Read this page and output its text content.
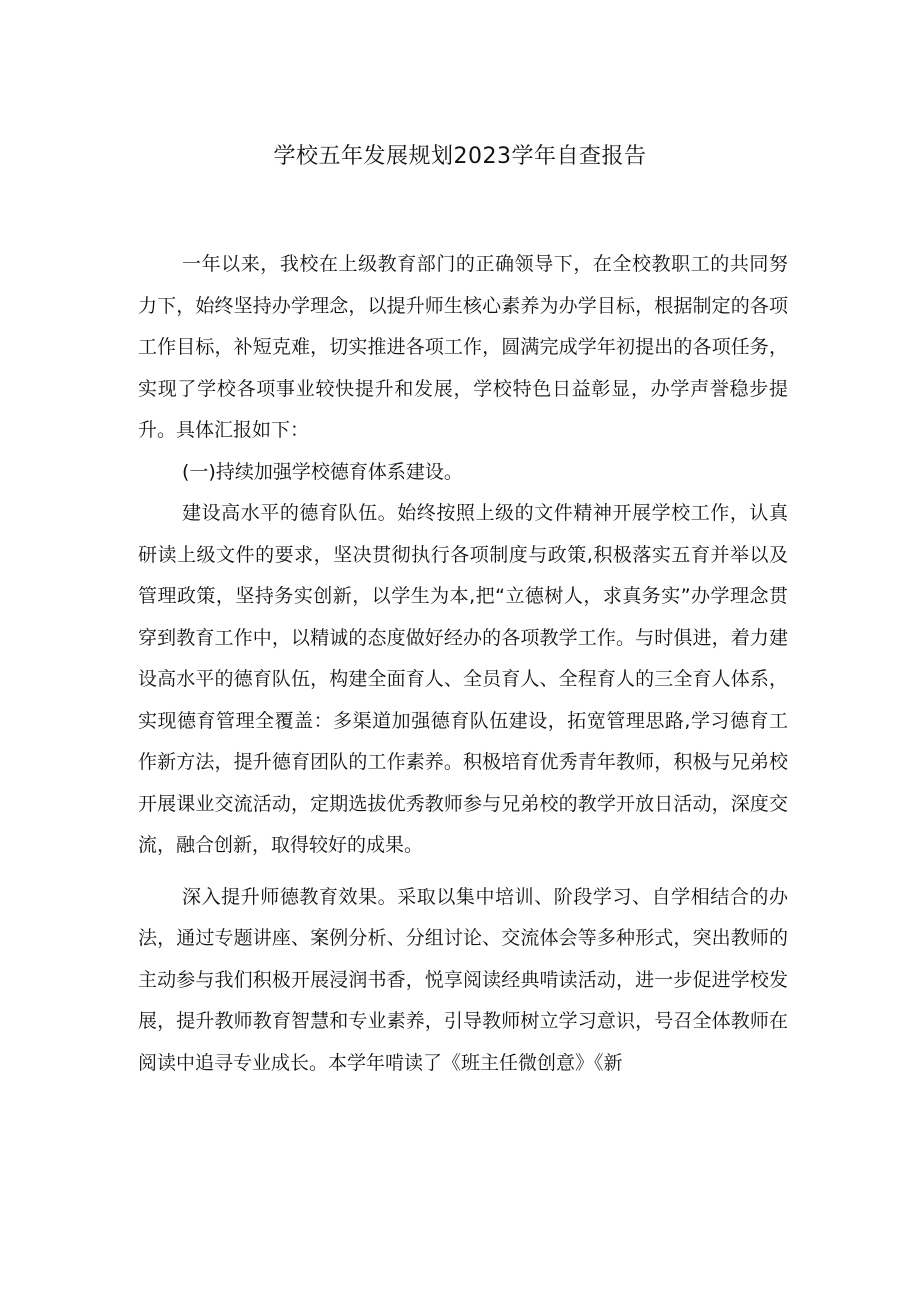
学校五年发展规划2023学年自查报告

一年以来，我校在上级教育部门的正确领导下，在全校教职工的共同努力下，始终坚持办学理念，以提升师生核心素养为办学目标，根据制定的各项工作目标，补短克难，切实推进各项工作，圆满完成学年初提出的各项任务，实现了学校各项事业较快提升和发展，学校特色日益彰显，办学声誉稳步提升。具体汇报如下：

(一)持续加强学校德育体系建设。

建设高水平的德育队伍。始终按照上级的文件精神开展学校工作，认真研读上级文件的要求，坚决贯彻执行各项制度与政策,积极落实五育并举以及管理政策，坚持务实创新，以学生为本,把“立德树人，求真务实”办学理念贯穿到教育工作中，以精诚的态度做好经办的各项教学工作。与时俱进，着力建设高水平的德育队伍，构建全面育人、全员育人、全程育人的三全育人体系，实现德育管理全覆盖：多渠道加强德育队伍建设，拓宽管理思路,学习德育工作新方法，提升德育团队的工作素养。积极培育优秀青年教师，积极与兄弟校开展课业交流活动，定期选拔优秀教师参与兄弟校的教学开放日活动，深度交流，融合创新，取得较好的成果。

深入提升师德教育效果。采取以集中培训、阶段学习、自学相结合的办法，通过专题讲座、案例分析、分组讨论、交流体会等多种形式，突出教师的主动参与我们积极开展浸润书香，悦享阅读经典啃读活动，进一步促进学校发展，提升教师教育智慧和专业素养，引导教师树立学习意识，号召全体教师在阅读中追寻专业成长。本学年啃读了《班主任微创意》《新
